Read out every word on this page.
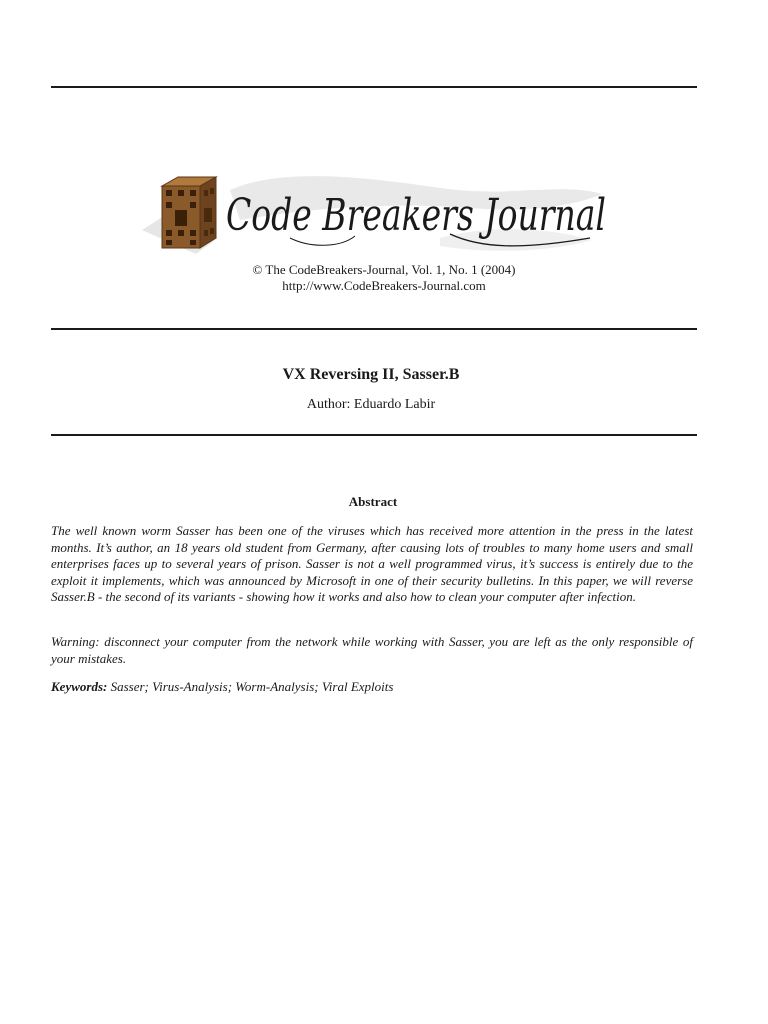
Code Breakers Journal
© The CodeBreakers-Journal, Vol. 1, No. 1 (2004)
http://www.CodeBreakers-Journal.com
VX Reversing II, Sasser.B
Author: Eduardo Labir
Abstract

The well known worm Sasser has been one of the viruses which has received more attention in the press in the latest months. It’s author, an 18 years old student from Germany, after causing lots of troubles to many home users and small enterprises faces up to several years of prison. Sasser is not a well programmed virus, it’s success is entirely due to the exploit it implements, which was announced by Microsoft in one of their security bulletins. In this paper, we will reverse Sasser.B - the second of its variants - showing how it works and also how to clean your computer after infection.

Warning: disconnect your computer from the network while working with Sasser, you are left as the only responsible of your mistakes.

Keywords: Sasser; Virus-Analysis; Worm-Analysis; Viral Exploits
